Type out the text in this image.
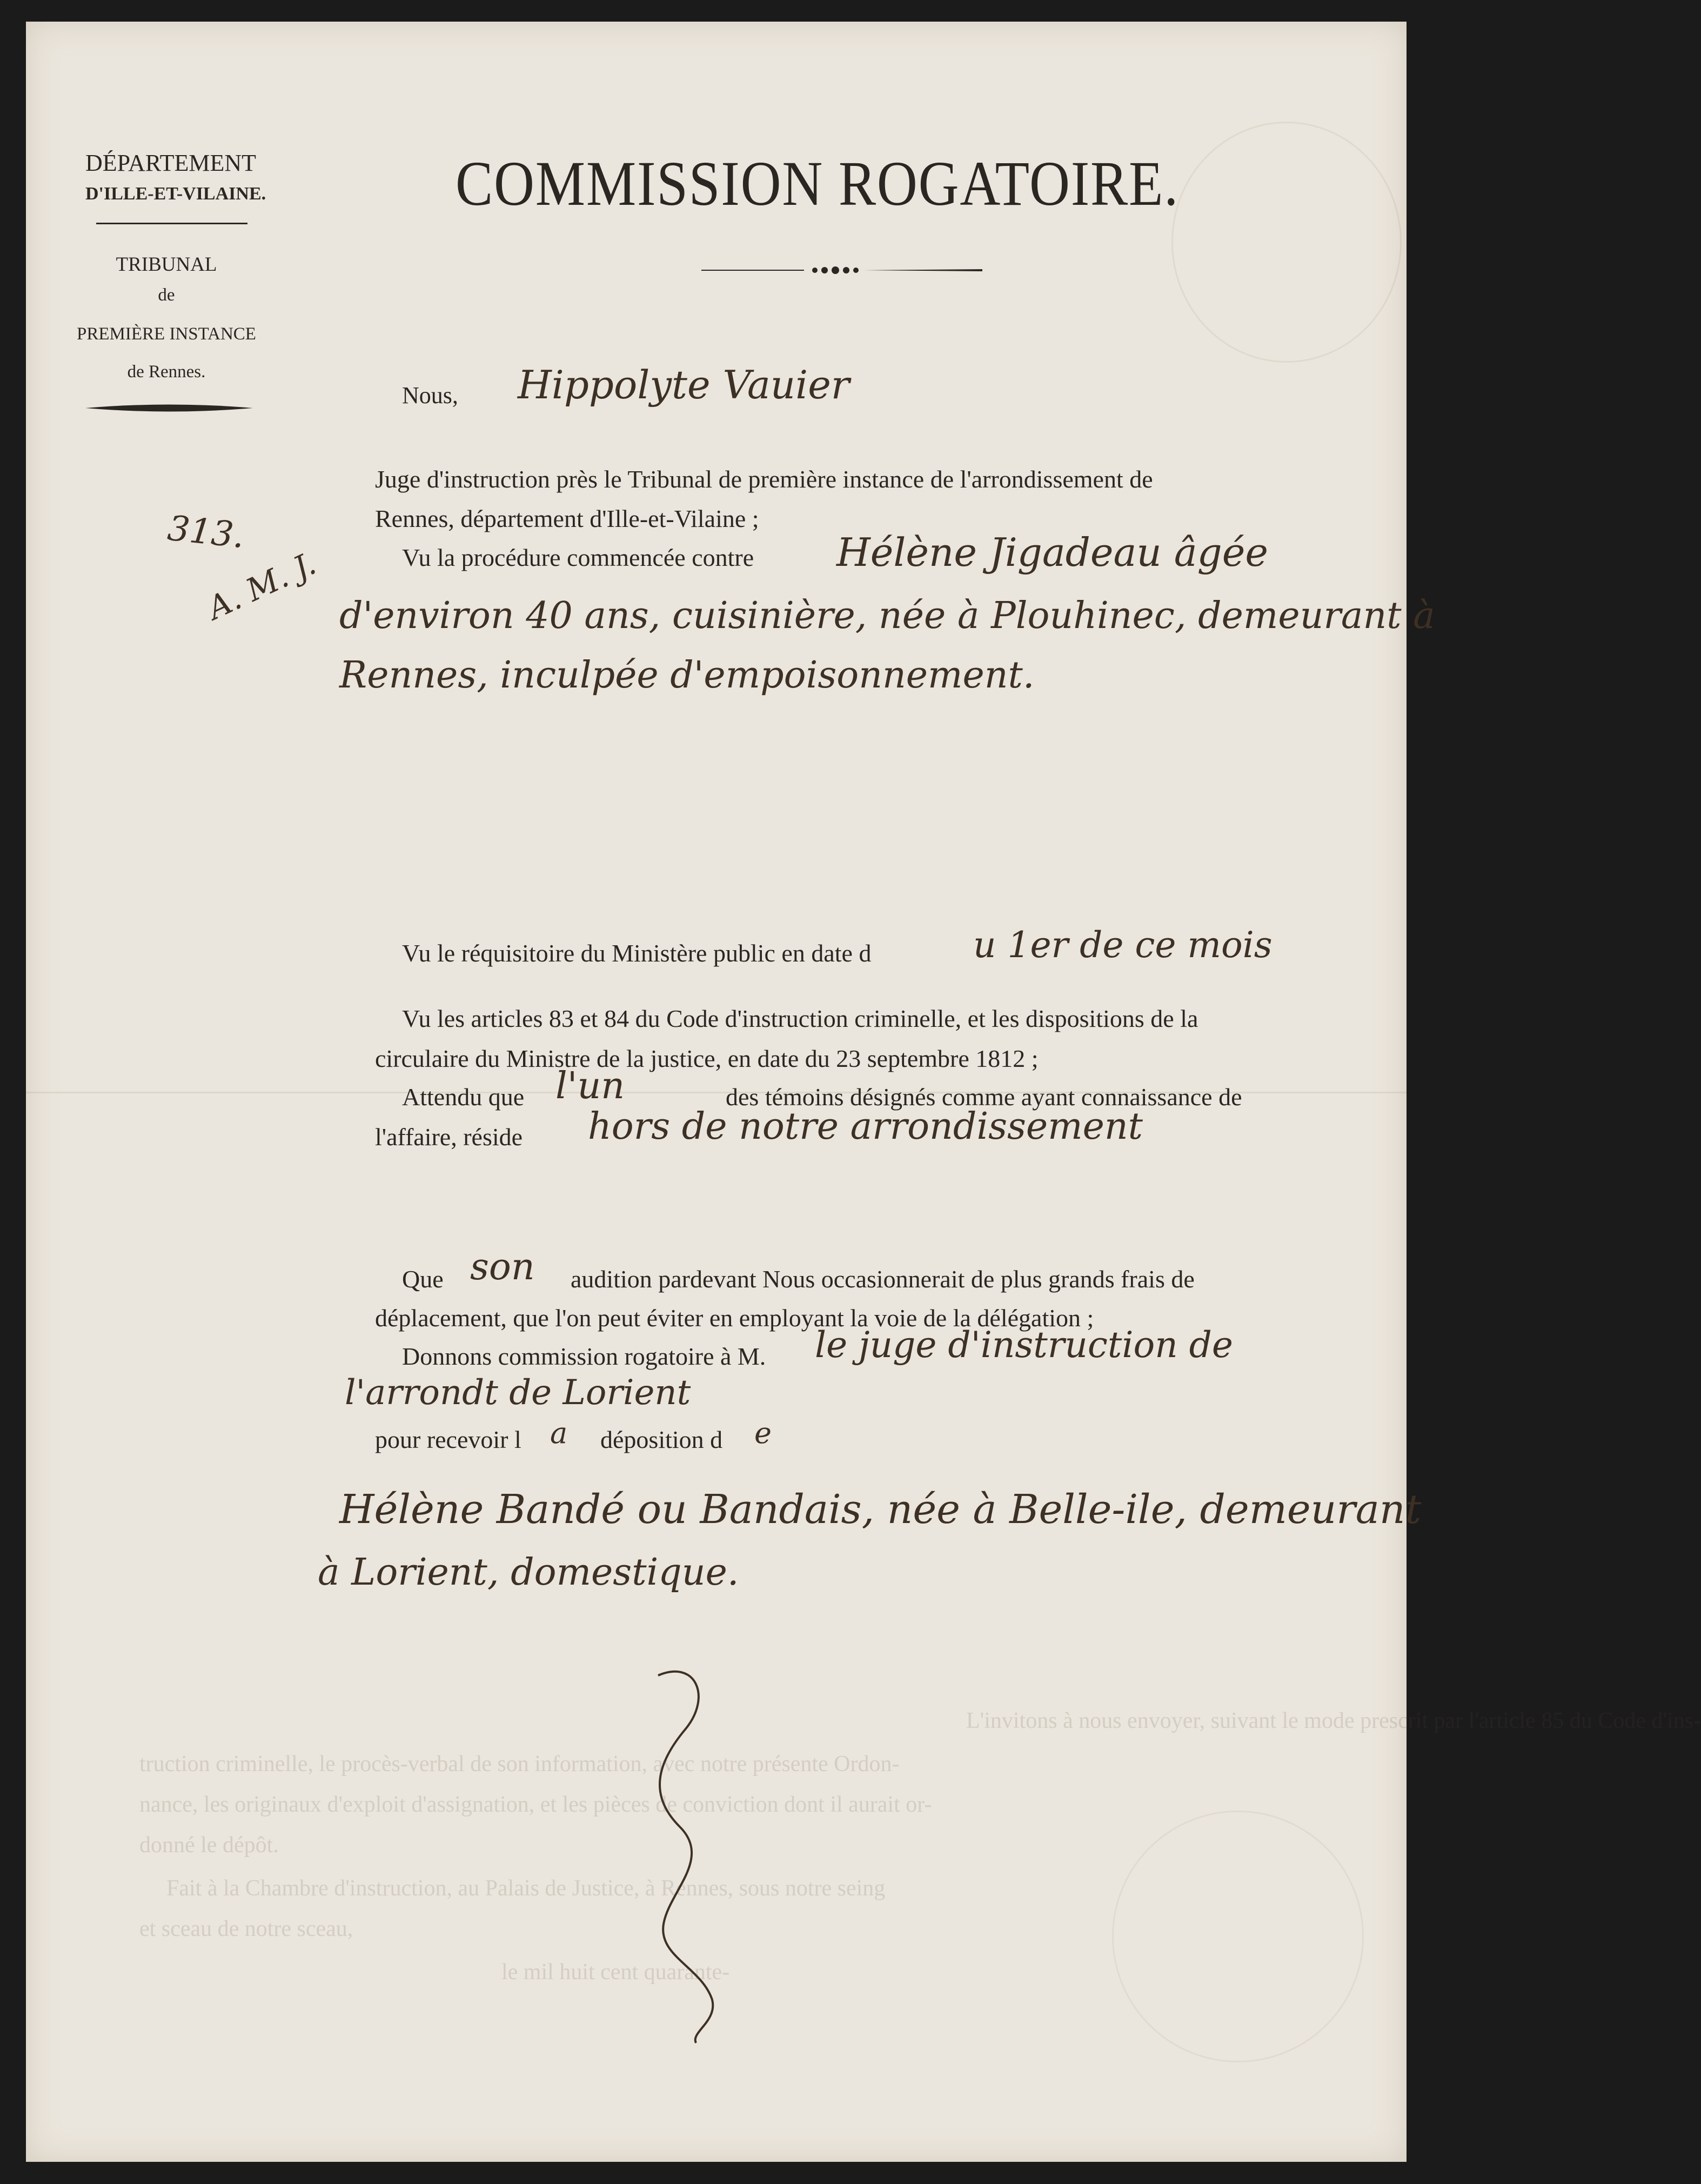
DÉPARTEMENT
D'ILLE-ET-VILAINE.
TRIBUNAL
de
PREMIÈRE INSTANCE
de Rennes.
COMMISSION ROGATOIRE.
313.
A. M. J.
Nous, Hippolyte Vauier
Juge d'instruction près le Tribunal de première instance de l'arrondissement de
Rennes, département d'Ille-et-Vilaine ;
Vu la procédure commencée contre Hélène Jigadeau âgée
d'environ 40 ans, cuisinière, née à Plouhinec, demeurant à
Rennes, inculpée d'empoisonnement.
Vu le réquisitoire du Ministère public en date d	u 1er de ce mois
Vu les articles 83 et 84 du Code d'instruction criminelle, et les dispositions de la
circulaire du Ministre de la justice, en date du 23 septembre 1812 ;
Attendu que l'un	des témoins désignés comme ayant connaissance de
l'affaire, réside hors de notre arrondissement
Que son audition pardevant Nous occasionnerait de plus grands frais de
déplacement, que l'on peut éviter en employant la voie de la délégation ;
Donnons commission rogatoire à M. le juge d'instruction de
l'arrondt de Lorient
pour recevoir l a déposition d e
Hélène Bandé ou Bandais, née à Belle-ile, demeurant
à Lorient, domestique.
L'invitons à nous envoyer, suivant le mode prescrit par l'article 85 du Code d'ins-
truction criminelle, le procès-verbal de son information, avec notre présente Ordon-
nance, les originaux d'exploit d'assignation, et les pièces de conviction dont il aurait or-
donné le dépôt.
Fait à la Chambre d'instruction, au Palais de Justice, à Rennes, sous notre seing
et sceau de notre sceau,
le mil huit cent quarante-
